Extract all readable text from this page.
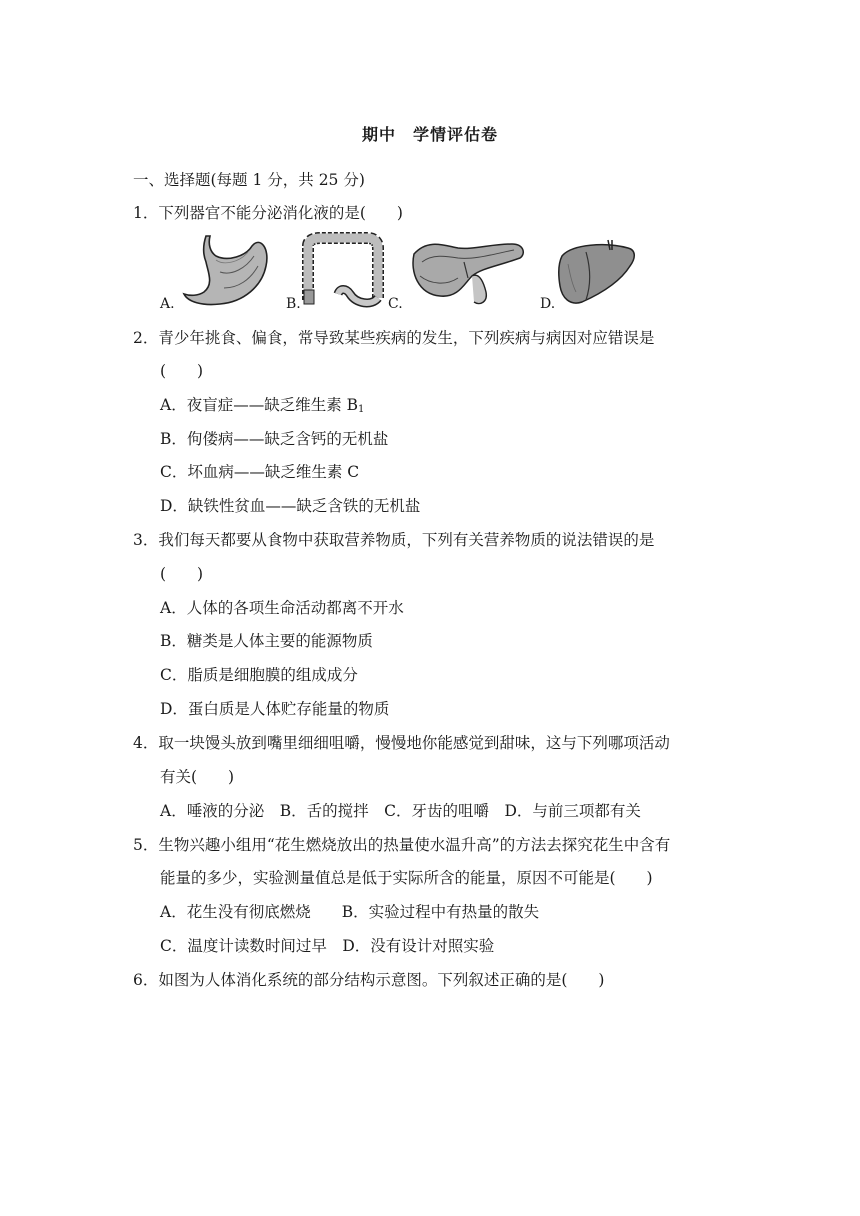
期中　学情评估卷
一、选择题(每题 1 分，共 25 分)
1．下列器官不能分泌消化液的是(　　)
A.	B.	C.	D.
2．青少年挑食、偏食，常导致某些疾病的发生，下列疾病与病因对应错误是
(　　)
A．夜盲症——缺乏维生素 $B_1$
B．佝偻病——缺乏含钙的无机盐
C．坏血病——缺乏维生素 C
D．缺铁性贫血——缺乏含铁的无机盐
3．我们每天都要从食物中获取营养物质，下列有关营养物质的说法错误的是
(　　)
A．人体的各项生命活动都离不开水
B．糖类是人体主要的能源物质
C．脂质是细胞膜的组成成分
D．蛋白质是人体贮存能量的物质
4．取一块馒头放到嘴里细细咀嚼，慢慢地你能感觉到甜味，这与下列哪项活动
有关(　　)
A．唾液的分泌　B．舌的搅拌　C．牙齿的咀嚼　D．与前三项都有关
5．生物兴趣小组用“花生燃烧放出的热量使水温升高”的方法去探究花生中含有
能量的多少，实验测量值总是低于实际所含的能量，原因不可能是(　　)
A．花生没有彻底燃烧　　B．实验过程中有热量的散失
C．温度计读数时间过早　D．没有设计对照实验
6．如图为人体消化系统的部分结构示意图。下列叙述正确的是(　　)
